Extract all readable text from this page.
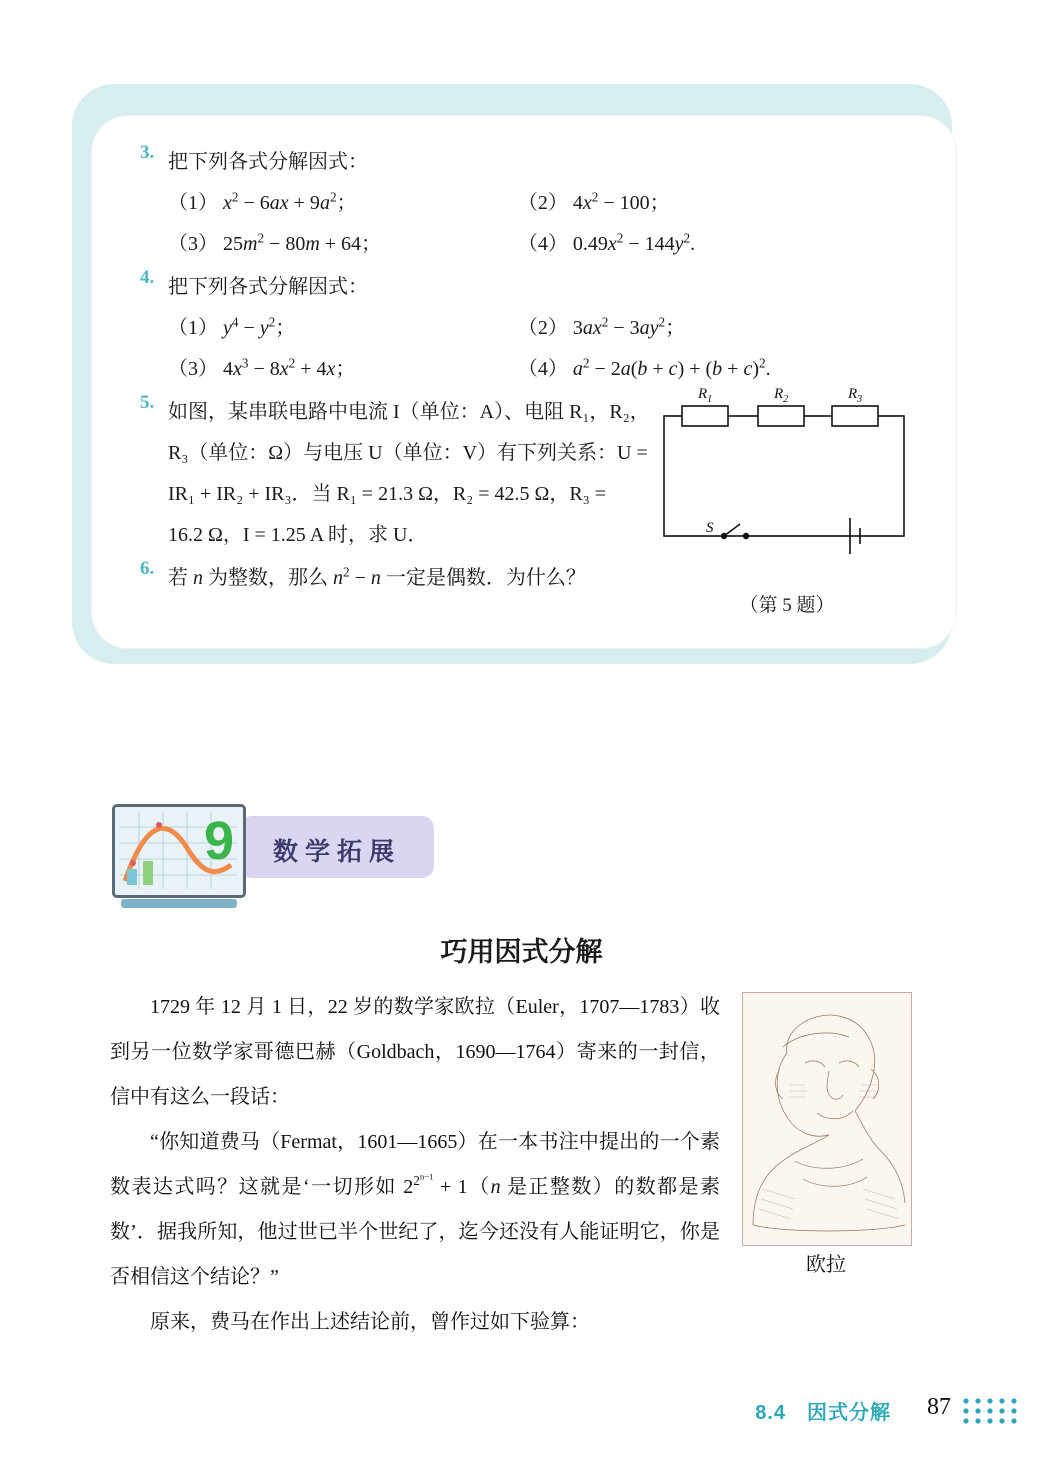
3. 把下列各式分解因式：
（1） $x^2 - 6ax + 9a^2$；	（2） $4x^2 - 100$；
（3） $25m^2 - 80m + 64$；	（4） $0.49x^2 - 144y^2$.
4. 把下列各式分解因式：
（1） $y^4 - y^2$；	（2） $3ax^2 - 3ay^2$；
（3） $4x^3 - 8x^2 + 4x$；	（4） $a^2 - 2a(b + c) + (b + c)^2$.
5. 如图，某串联电路中电流 I（单位：A）、电阻 R₁，R₂，
R₃（单位：Ω）与电压 U（单位：V）有下列关系：U =
IR₁ + IR₂ + IR₃．当 R₁ = 21.3 Ω，R₂ = 42.5 Ω，R₃ =
16.2 Ω，I = 1.25 A 时，求 U．
$R_1$	$R_2$	$R_3$
S
（第 5 题）
6. 若 n 为整数，那么 $n^2 - n$ 一定是偶数．为什么？
数学拓展
9
巧用因式分解

1729 年 12 月 1 日，22 岁的数学家欧拉（Euler，1707—1783）收到另一位数学家哥德巴赫（Goldbach，1690—1764）寄来的一封信，信中有这么一段话：

“你知道费马（Fermat，1601—1665）在一本书注中提出的一个素数表达式吗？这就是‘一切形如 $2^{2^{n-1}} + 1(n$ 是正整数）的数都是素数’．据我所知，他过世已半个世纪了，迄今还没有人能证明它，你是否相信这个结论？”

原来，费马在作出上述结论前，曾作过如下验算：

欧拉
8.4　因式分解 87
